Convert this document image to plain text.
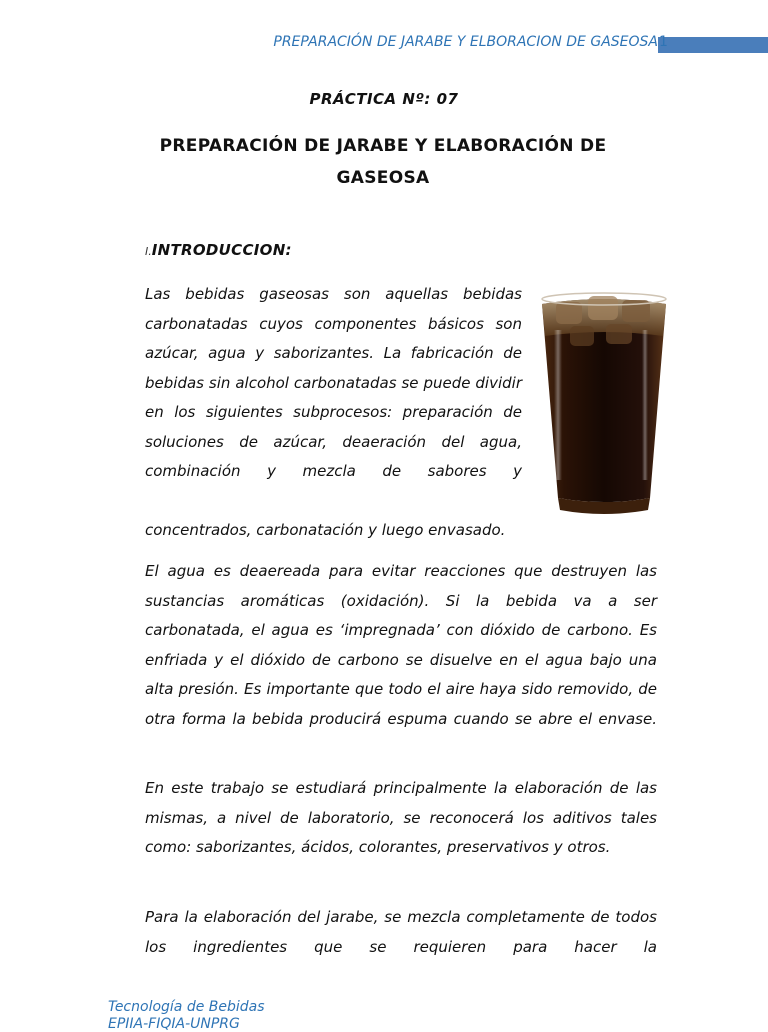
PREPARACIÓN DE JARABE Y ELBORACION DE GASEOSA 1
PRÁCTICA Nº: 07
PREPARACIÓN DE JARABE Y ELABORACIÓN DE GASEOSA
I.INTRODUCCION:

Las bebidas gaseosas son aquellas bebidas carbonatadas cuyos componentes básicos son azúcar, agua y saborizantes. La fabricación de bebidas sin alcohol carbonatadas se puede dividir en los siguientes subprocesos: preparación de soluciones de azúcar, deaeración del agua, combinación y mezcla de sabores y

concentrados, carbonatación y luego envasado.

El agua es deaereada para evitar reacciones que destruyen las sustancias aromáticas (oxidación). Si la bebida va a ser carbonatada, el agua es ‘impregnada’ con dióxido de carbono. Es enfriada y el dióxido de carbono se disuelve en el agua bajo una alta presión. Es importante que todo el aire haya sido removido, de otra forma la bebida producirá espuma cuando se abre el envase.

En este trabajo se estudiará principalmente la elaboración de las mismas, a nivel de laboratorio, se reconocerá los aditivos tales como: saborizantes, ácidos, colorantes, preservativos y otros.

Para la elaboración del jarabe, se mezcla completamente de todos los ingredientes que se requieren para hacer la

Tecnología de Bebidas
EPIIA-FIQIA-UNPRG
